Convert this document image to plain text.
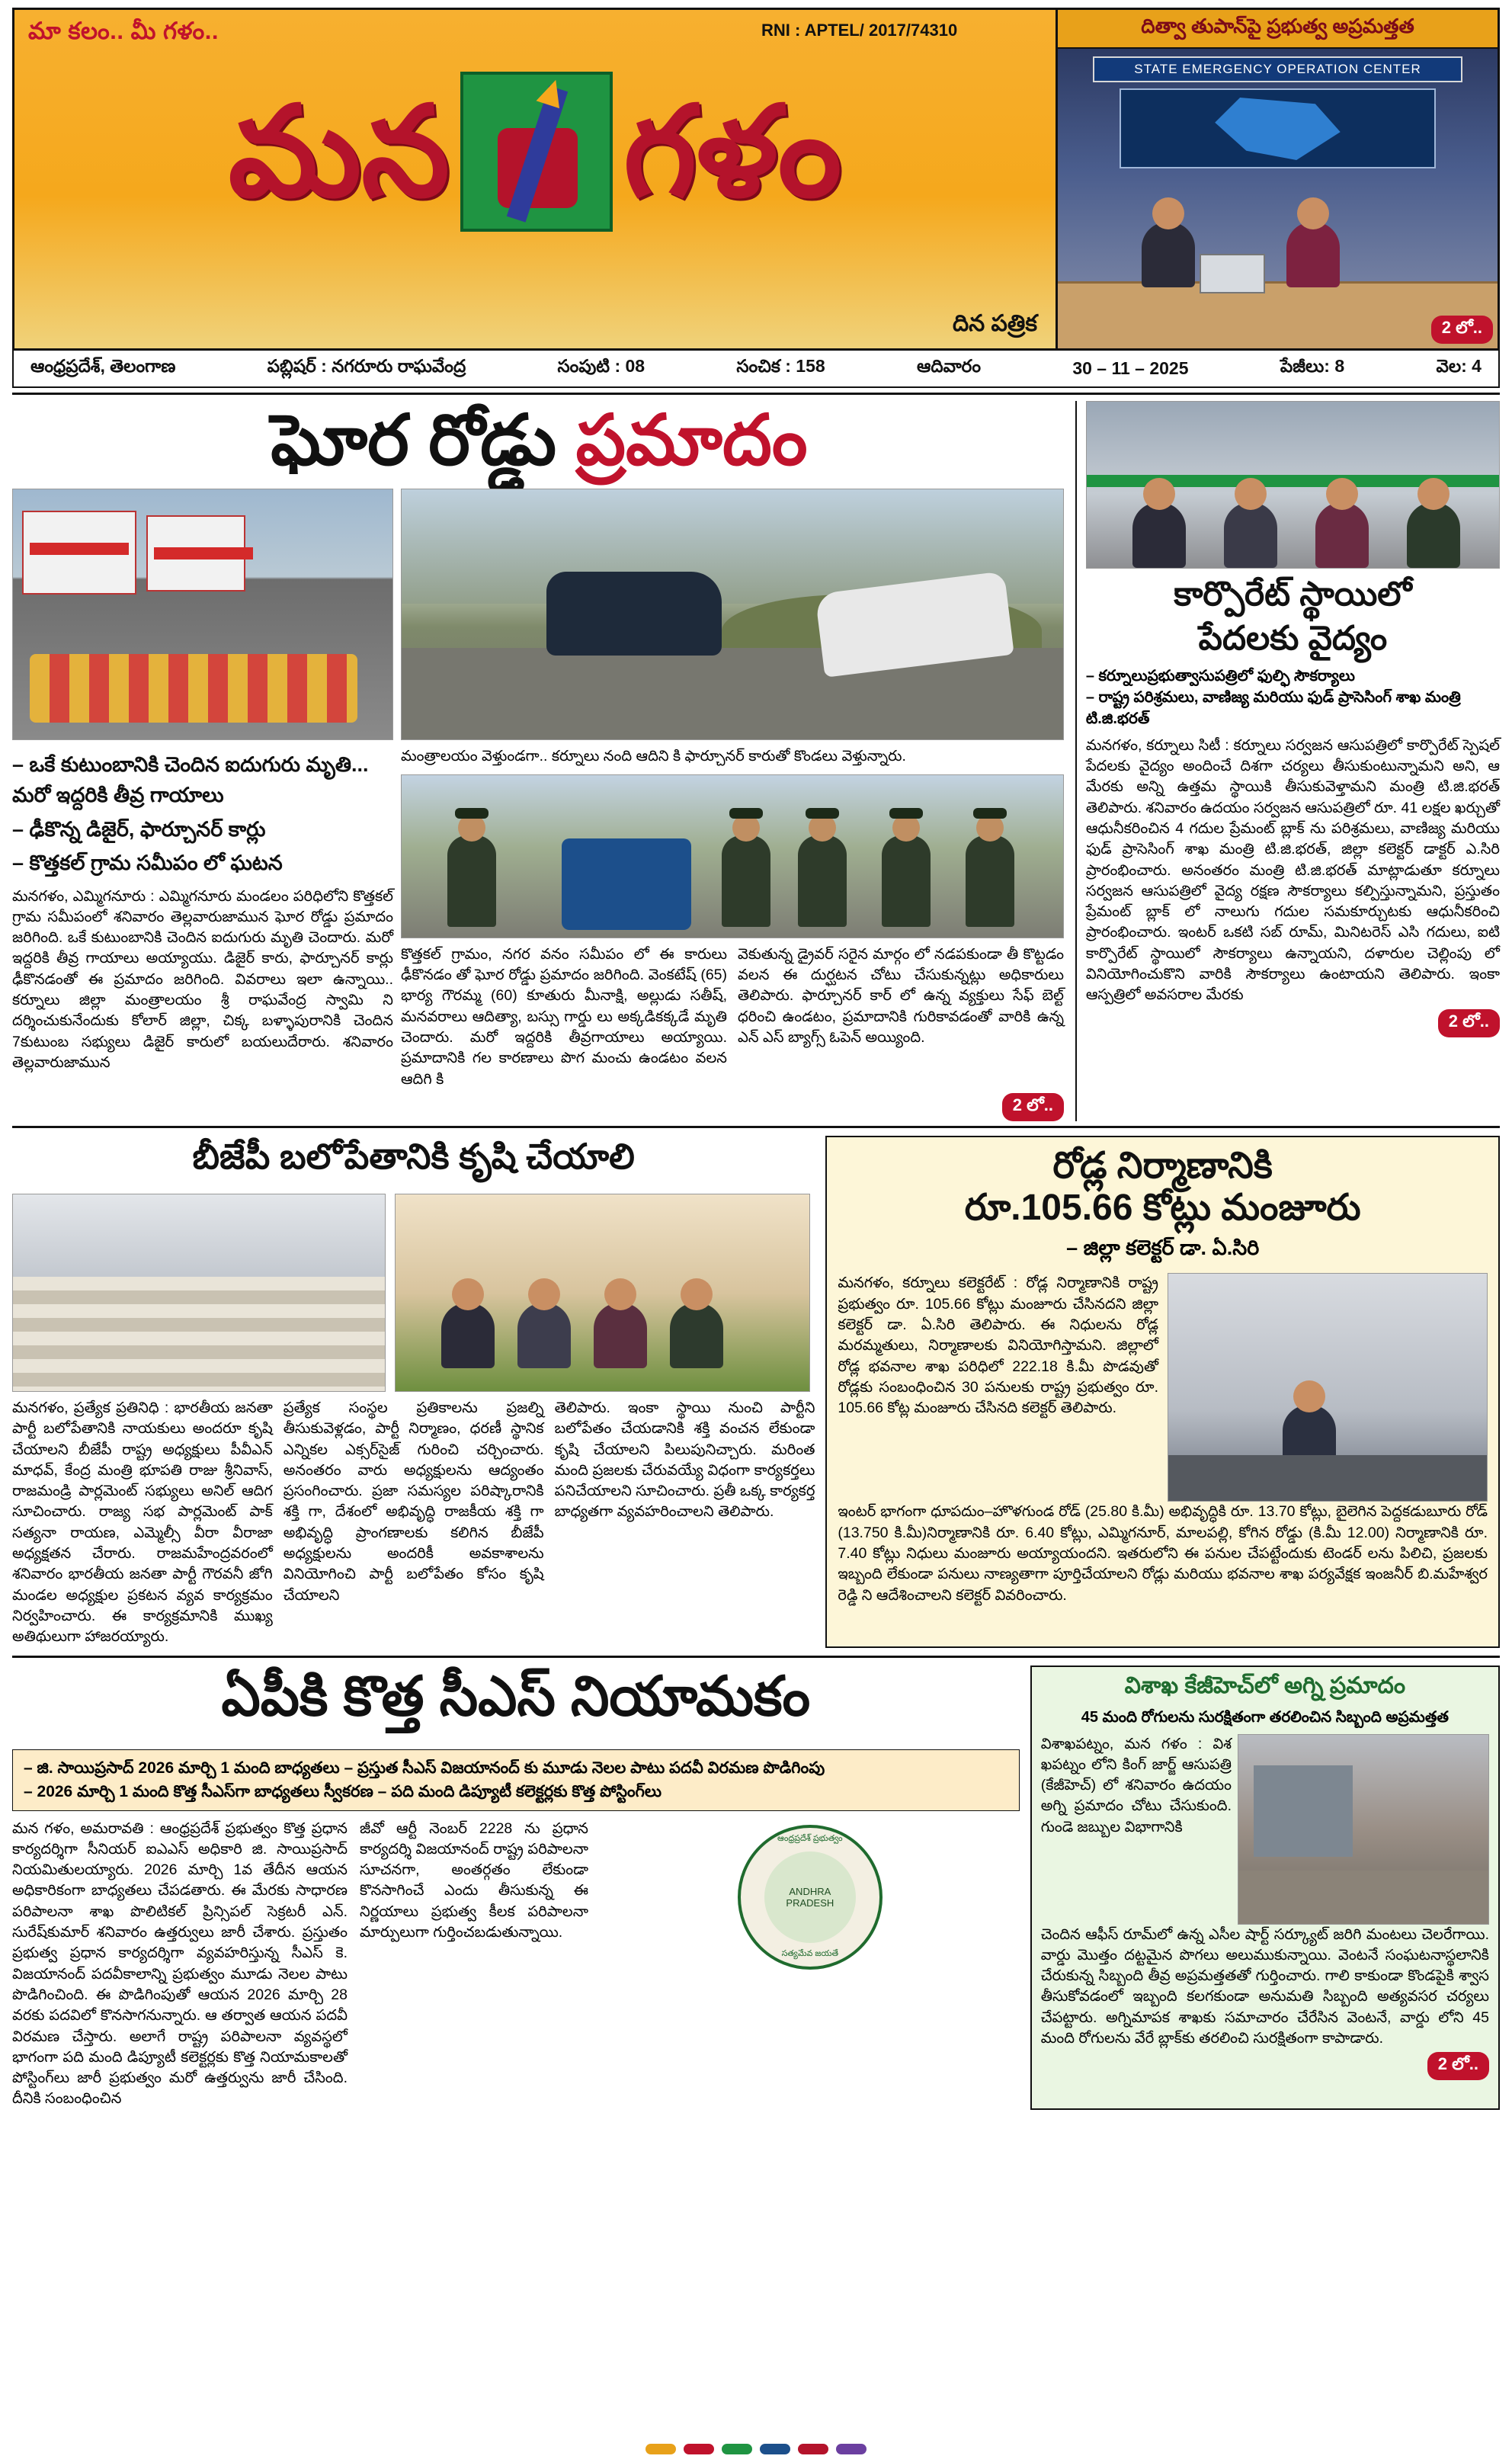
మా కలం.. మీ గళం..	RNI : APTEL/ 2017/74310
మన గళం
దిన పత్రిక
దిత్వా తుపాన్‌పై ప్రభుత్వ అప్రమత్తత
STATE EMERGENCY OPERATION CENTER
2 లో..
ఆంధ్రప్రదేశ్, తెలంగాణ	పబ్లిషర్ : నగరూరు రాఘవేంద్ర	సంపుటి : 08	సంచిక : 158	ఆదివారం	30 – 11 – 2025	పేజీలు: 8	వెల: 4
ఘోర రోడ్డు ప్రమాదం
– ఒకే కుటుంబానికి చెందిన ఐదుగురు మృతి... మరో ఇద్దరికి తీవ్ర గాయాలు
– ఢీకొన్న డిజైర్, ఫార్చూనర్ కార్లు
– కొత్తకల్ గ్రామ సమీపం లో ఘటన
మనగళం, ఎమ్మిగనూరు : ఎమ్మిగనూరు మండలం పరిధిలోని కొత్తకల్ గ్రామ సమీపంలో శనివారం తెల్లవారుజామున ఘోర రోడ్డు ప్రమాదం జరిగింది. ఒకే కుటుంబానికి చెందిన ఐదుగురు మృతి చెందారు. మరో ఇద్దరికి తీవ్ర గాయాలు అయ్యాయు. డిజైర్ కారు, ఫార్చూనర్ కార్లు ఢీకొనడంతో ఈ ప్రమాదం జరిగింది. వివరాలు ఇలా ఉన్నాయి.. కర్నూలు జిల్లా మంత్రాలయం శ్రీ రాఘవేంద్ర స్వామి ని దర్శించుకునేందుకు కోలార్ జిల్లా, చిక్క బళ్ళాపురానికి చెందిన 7కుటుంబ సభ్యులు డిజైర్ కారులో బయలుదేరారు. శనివారం తెల్లవారుజామున
మంత్రాలయం వెళ్తుండగా.. కర్నూలు నంది ఆదిని కి ఫార్చూనర్ కారుతో కొండలు వెళ్తున్నారు.
కొత్తకల్ గ్రామం, నగర వనం సమీపం లో ఈ కారులు ఢీకొనడం తో ఘోర రోడ్డు ప్రమాదం జరిగింది. వెంకటేష్ (65) భార్య గౌరమ్మ (60) కూతురు మీనాక్షి, అల్లుడు సతీష్, మనవరాలు ఆదిత్యా, బస్సు గార్డు లు అక్కడికక్కడే మృతి చెందారు. మరో ఇద్దరికి తీవ్రగాయాలు అయ్యాయి. ప్రమాదానికి గల కారణాలు పొగ మంచు ఉండటం వలన ఆదిగి కి
వెకుతున్న డ్రైవర్ సరైన మార్గం లో నడపకుండా తీ కొట్టడం వలన ఈ దుర్ఘటన చోటు చేసుకున్నట్లు అధికారులు తెలిపారు. ఫార్చూనర్ కార్ లో ఉన్న వ్యక్తులు సేఫ్ బెల్ట్ ధరించి ఉండటం, ప్రమాదానికి గురికావడంతో వారికి ఉన్న ఎన్ ఎస్ బ్యాగ్స్ ఓపెన్ అయ్యింది.
2 లో..
కార్పొరేట్ స్థాయిలో
పేదలకు వైద్యం
– కర్నూలుప్రభుత్వాసుపత్రిలో ఫుల్ఫి సౌకర్యాలు
– రాష్ట్ర పరిశ్రమలు, వాణిజ్య మరియు ఫుడ్ ప్రాసెసింగ్ శాఖ మంత్రి టి.జి.భరత్
మనగళం, కర్నూలు సిటీ : కర్నూలు సర్వజన ఆసుపత్రిలో కార్పొరేట్ స్పెషల్ పేదలకు వైద్యం అందించే దిశగా చర్యలు తీసుకుంటున్నామని అని, ఆ మేరకు అన్ని ఉత్తమ స్థాయికి తీసుకువెళ్తామని మంత్రి టి.జి.భరత్ తెలిపారు. శనివారం ఉదయం సర్వజన ఆసుపత్రిలో రూ. 41 లక్షల ఖర్చుతో ఆధునీకరించిన 4 గదుల ప్రేమంట్ బ్లాక్ ను పరిశ్రమలు, వాణిజ్య మరియు ఫుడ్ ప్రాసెసింగ్ శాఖ మంత్రి టి.జి.భరత్, జిల్లా కలెక్టర్ డాక్టర్ ఎ.సిరి ప్రారంభించారు. అనంతరం మంత్రి టి.జి.భరత్ మాట్లాడుతూ కర్నూలు సర్వజన ఆసుపత్రిలో వైద్య రక్షణ సౌకర్యాలు కల్పిస్తున్నామని, ప్రస్తుతం ప్రేమంట్ బ్లాక్ లో నాలుగు గదుల సమకూర్చుటకు ఆధునీకరించి ప్రారంభించారు. ఇంటర్ ఒకటి సబ్ రూమ్, మినిటరెస్ ఎసి గదులు, ఐటి కార్పొరేట్ స్థాయిలో సౌకర్యాలు ఉన్నాయని, దళారుల చెల్లింపు లో వినియోగించుకొని వారికి సౌకర్యాలు ఉంటాయని తెలిపారు. ఇంకా ఆస్పత్రిలో అవసరాల మేరకు
2 లో..
బీజేపీ బలోపేతానికి కృషి చేయాలి
మనగళం, ప్రత్యేక ప్రతినిధి : భారతీయ జనతా పార్టీ బలోపేతానికి నాయకులు అందరూ కృషి చేయాలని బీజేపీ రాష్ట్ర అధ్యక్షులు పీవీఎన్ మాధవ్, కేంద్ర మంత్రి భూపతి రాజు శ్రీనివాస్, రాజమండ్రి పార్లమెంట్ సభ్యులు అనిల్ ఆదిగ సూచించారు. రాజ్య సభ పార్లమెంట్ పాక్ సత్యనా రాయణ, ఎమ్మెల్సీ వీరా వీరాజా అధ్యక్షతన చేరారు. రాజమహేంద్రవరంలో శనివారం భారతీయ జనతా పార్టీ గౌరవనీ జోగి మండల అధ్యక్షుల ప్రకటన వ్యవ కార్యక్రమం నిర్వహించారు. ఈ కార్యక్రమానికి ముఖ్య అతిథులుగా హాజరయ్యారు.
ప్రత్యేక సంస్థల ప్రతికాలను ప్రజల్ని తీసుకువెళ్లడం, పార్టీ నిర్మాణం, ధరణీ స్థానిక ఎన్నికల ఎక్సర్‌సైజ్ గురించి చర్చించారు. అనంతరం వారు అధ్యక్షులను ఆద్యంతం ప్రసంగించారు. ప్రజా సమస్యల పరిష్కారానికి శక్తి గా, దేశంలో అభివృద్ధి రాజకీయ శక్తి గా అభివృద్ధి ప్రాంగణాలకు కలిగిన బీజేపీ అధ్యక్షులను అందరికీ అవకాశాలను వినియోగించి పార్టీ బలోపేతం కోసం కృషి చేయాలని
తెలిపారు. ఇంకా స్థాయి నుంచి పార్టీని బలోపేతం చేయడానికి శక్తి వంచన లేకుండా కృషి చేయాలని పిలుపునిచ్చారు. మరింత మంది ప్రజలకు చేరువయ్యే విధంగా కార్యకర్తలు పనిచేయాలని సూచించారు. ప్రతీ ఒక్క కార్యకర్త బాధ్యతగా వ్యవహరించాలని తెలిపారు.
రోడ్ల నిర్మాణానికి
రూ.105.66 కోట్లు మంజూరు
– జిల్లా కలెక్టర్ డా. ఏ.సిరి
మనగళం, కర్నూలు కలెక్టరేట్ : రోడ్ల నిర్మాణానికి రాష్ట్ర ప్రభుత్వం రూ. 105.66 కోట్లు మంజూరు చేసినదని జిల్లా కలెక్టర్ డా. ఏ.సిరి తెలిపారు. ఈ నిధులను రోడ్ల మరమ్మతులు, నిర్మాణాలకు వినియోగిస్తామని. జిల్లాలో రోడ్ల భవనాల శాఖ పరిధిలో 222.18 కి.మీ పొడవుతో రోడ్లకు సంబంధించిన 30 పనులకు రాష్ట్ర ప్రభుత్వం రూ. 105.66 కోట్ల మంజూరు చేసినది కలెక్టర్ తెలిపారు.
ఇంటర్ భాగంగా ధూపదుం–హొళగుండ రోడ్ (25.80 కి.మీ) అభివృద్ధికి రూ. 13.70 కోట్లు, బైలెగిన పెద్దకడుబూరు రోడ్ (13.750 కి.మీ)నిర్మాణానికి రూ. 6.40 కోట్లు, ఎమ్మిగనూర్, మాలపల్లి, కోగిన రోడ్డు (కి.మీ 12.00) నిర్మాణానికి రూ. 7.40 కోట్లు నిధులు మంజూరు అయ్యాయందని. ఇతరులోని ఈ పనుల చేపట్టేందుకు టెండర్ లను పిలిచి, ప్రజలకు ఇబ్బంది లేకుండా పనులు నాణ్యతాగా పూర్తిచేయాలని రోడ్లు మరియు భవనాల శాఖ పర్యవేక్షక ఇంజనీర్ బి.మహేశ్వర రెడ్డి ని ఆదేశించాలని కలెక్టర్ వివరించారు.
ఏపీకి కొత్త సీఎస్ నియామకం
– జి. సాయిప్రసాద్ 2026 మార్చి 1 మంది బాధ్యతలు – ప్రస్తుత సీఎస్ విజయానంద్ కు మూడు నెలల పాటు పదవీ విరమణ పొడిగింపు
– 2026 మార్చి 1 మంది కొత్త సీఎస్‌గా బాధ్యతలు స్వీకరణ – పది మంది డిప్యూటీ కలెక్టర్లకు కొత్త పోస్టింగ్‌లు
మన గళం, అమరావతి : ఆంధ్రప్రదేశ్ ప్రభుత్వం కొత్త ప్రధాన కార్యదర్శిగా సీనియర్ ఐఎఎస్ అధికారి జి. సాయిప్రసాద్ నియమితులయ్యారు. 2026 మార్చి 1వ తేదీన ఆయన అధికారికంగా బాధ్యతలు చేపడతారు. ఈ మేరకు సాధారణ పరిపాలనా శాఖ పొలిటికల్ ప్రిన్సిపల్ సెక్రటరీ ఎన్. సురేష్‌కుమార్ శనివారం ఉత్తర్వులు జారీ చేశారు. ప్రస్తుతం ప్రభుత్వ ప్రధాన కార్యదర్శిగా వ్యవహరిస్తున్న సీఎస్ కె. విజయానంద్ పదవీకాలాన్ని ప్రభుత్వం మూడు నెలల పాటు పొడిగించింది. ఈ పొడిగింపుతో ఆయన 2026 మార్చి 28 వరకు పదవిలో కొనసాగనున్నారు. ఆ తర్వాత ఆయన పదవీ విరమణ చేస్తారు. అలాగే రాష్ట్ర పరిపాలనా వ్యవస్థలో భాగంగా పది మంది డిప్యూటీ కలెక్టర్లకు కొత్త నియామకాలతో పోస్టింగ్‌లు జారీ ప్రభుత్వం మరో ఉత్తర్వును జారీ చేసింది. దీనికి సంబంధించిన
జీవో ఆర్టీ నెంబర్ 2228 ను ప్రధాన కార్యదర్శి విజయానంద్ రాష్ట్ర పరిపాలనా సూచనగా, అంతర్గతం లేకుండా కొనసాగించే ఎందు తీసుకున్న ఈ నిర్ణయాలు ప్రభుత్వ కీలక పరిపాలనా మార్పులుగా గుర్తించబడుతున్నాయి.
ఆంధ్రప్రదేశ్ ప్రభుత్వం
ANDHRA PRADESH
సత్యమేవ జయతే
విశాఖ కేజీహెచ్‌లో అగ్ని ప్రమాదం
45 మంది రోగులను సురక్షితంగా తరలించిన సిబ్బంది అప్రమత్తత
విశాఖపట్నం, మన గళం : విశ ఖపట్నం లోని కింగ్ జార్జ్ ఆసుపత్రి (కేజీహెచ్) లో శనివారం ఉదయం అగ్ని ప్రమాదం చోటు చేసుకుంది. గుండె జబ్బుల విభాగానికి
చెందిన ఆఫీస్ రూమ్‌లో ఉన్న ఎసీల షార్ట్ సర్క్యూట్ జరిగి మంటలు చెలరేగాయి. వార్డు మొత్తం దట్టమైన పొగలు అలుముకున్నాయి. వెంటనే సంఘటనాస్థలానికి చేరుకున్న సిబ్బంది తీవ్ర అప్రమత్తతతో గుర్తించారు. గాలి కాకుండా కొండపైకి శ్వాస తీసుకోవడంలో ఇబ్బంది కలగకుండా అనుమతి సిబ్బంది అత్యవసర చర్యలు చేపట్టారు. అగ్నిమాపక శాఖకు సమాచారం చేరేసిన వెంటనే, వార్డు లోని 45 మంది రోగులను వేరే బ్లాక్‌కు తరలించి సురక్షితంగా కాపాడారు.
2 లో..
